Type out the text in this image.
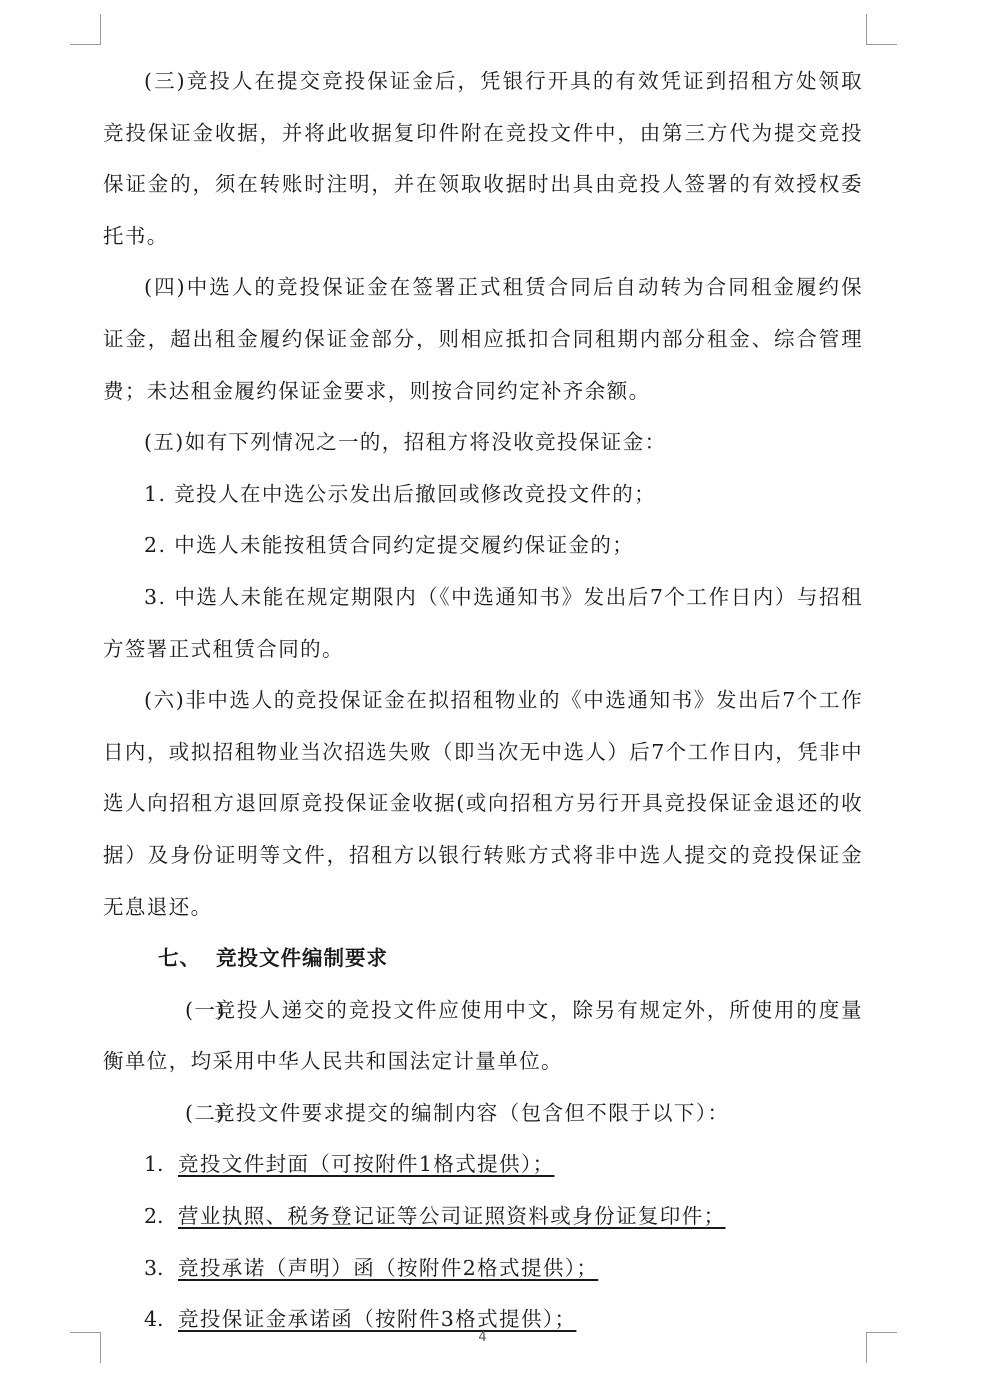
(三)竞投人在提交竞投保证金后，凭银行开具的有效凭证到招租方处领取竞投保证金收据，并将此收据复印件附在竞投文件中，由第三方代为提交竞投保证金的，须在转账时注明，并在领取收据时出具由竞投人签署的有效授权委托书。

(四)中选人的竞投保证金在签署正式租赁合同后自动转为合同租金履约保证金，超出租金履约保证金部分，则相应抵扣合同租期内部分租金、综合管理费；未达租金履约保证金要求，则按合同约定补齐余额。

(五)如有下列情况之一的，招租方将没收竞投保证金：

1. 竞投人在中选公示发出后撤回或修改竞投文件的；

2. 中选人未能按租赁合同约定提交履约保证金的；

3. 中选人未能在规定期限内（《中选通知书》发出后7个工作日内）与招租方签署正式租赁合同的。

(六)非中选人的竞投保证金在拟招租物业的《中选通知书》发出后7个工作日内，或拟招租物业当次招选失败（即当次无中选人）后7个工作日内，凭非中选人向招租方退回原竞投保证金收据(或向招租方另行开具竞投保证金退还的收据）及身份证明等文件，招租方以银行转账方式将非中选人提交的竞投保证金无息退还。

七、 竞投文件编制要求

(一)竞投人递交的竞投文件应使用中文，除另有规定外，所使用的度量衡单位，均采用中华人民共和国法定计量单位。

(二)竞投文件要求提交的编制内容（包含但不限于以下）：

1. 竞投文件封面（可按附件1格式提供）；

2. 营业执照、税务登记证等公司证照资料或身份证复印件；

3. 竞投承诺（声明）函（按附件2格式提供）；

4. 竞投保证金承诺函（按附件3格式提供）；

4
